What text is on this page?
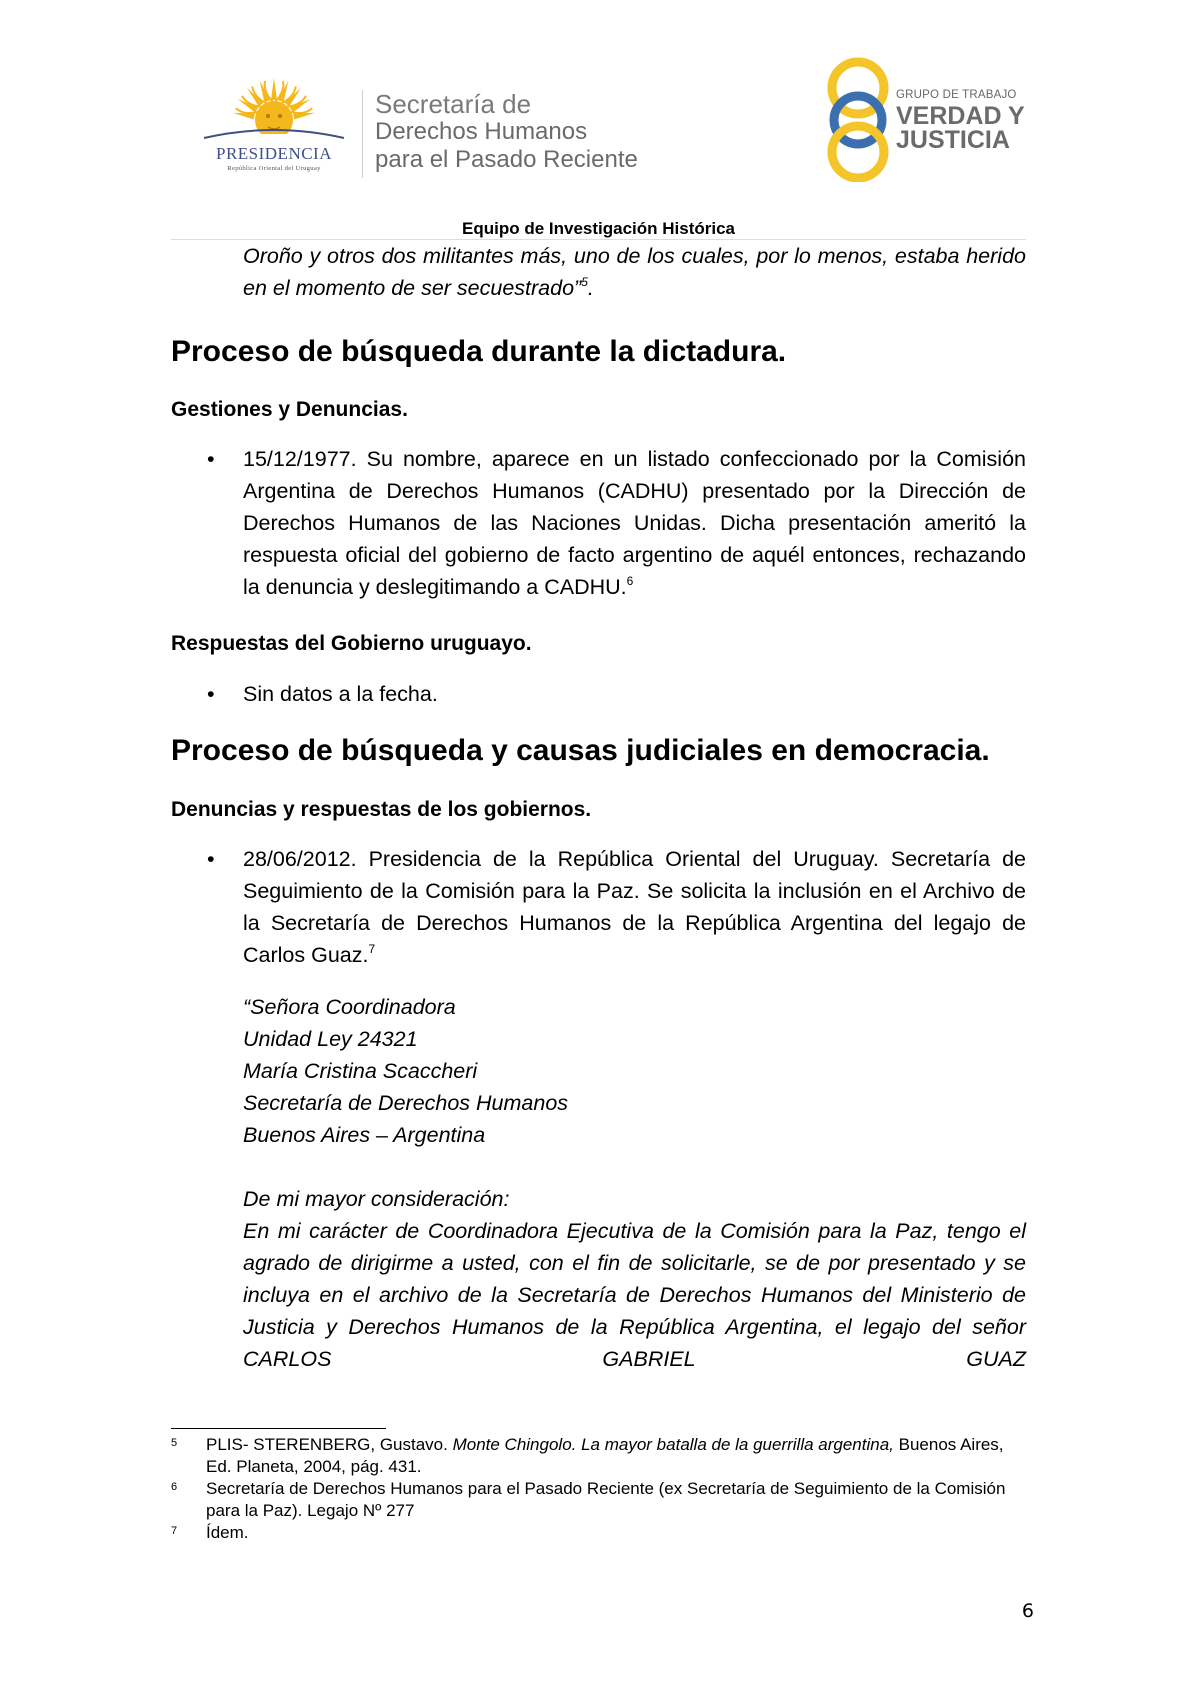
PRESIDENCIA
República Oriental del Uruguay
Secretaría de
Derechos Humanos
para el Pasado Reciente
GRUPO DE TRABAJO
VERDAD Y
JUSTICIA
Equipo de Investigación Histórica

Oroño y otros dos militantes más, uno de los cuales, por lo menos, estaba herido en el momento de ser secuestrado”$^5$.

Proceso de búsqueda durante la dictadura.
Gestiones y Denuncias.
• 15/12/1977. Su nombre, aparece en un listado confeccionado por la Comisión Argentina de Derechos Humanos (CADHU) presentado por la Dirección de Derechos Humanos de las Naciones Unidas. Dicha presentación ameritó la respuesta oficial del gobierno de facto argentino de aquél entonces, rechazando la denuncia y deslegitimando a CADHU.$^6$
Respuestas del Gobierno uruguayo.
• Sin datos a la fecha.
Proceso de búsqueda y causas judiciales en democracia.
Denuncias y respuestas de los gobiernos.
• 28/06/2012. Presidencia de la República Oriental del Uruguay. Secretaría de Seguimiento de la Comisión para la Paz. Se solicita la inclusión en el Archivo de la Secretaría de Derechos Humanos de la República Argentina del legajo de Carlos Guaz.$^7$
“Señora Coordinadora
Unidad Ley 24321
María Cristina Scaccheri
Secretaría de Derechos Humanos
Buenos Aires – Argentina
De mi mayor consideración:
En mi carácter de Coordinadora Ejecutiva de la Comisión para la Paz, tengo el agrado de dirigirme a usted, con el fin de solicitarle, se de por presentado y se incluya en el archivo de la Secretaría de Derechos Humanos del Ministerio de Justicia y Derechos Humanos de la República Argentina, el legajo del señor CARLOS GABRIEL GUAZ
5 PLIS- STERENBERG, Gustavo. Monte Chingolo. La mayor batalla de la guerrilla argentina, Buenos Aires, Ed. Planeta, 2004, pág. 431.
6 Secretaría de Derechos Humanos para el Pasado Reciente (ex Secretaría de Seguimiento de la Comisión para la Paz). Legajo Nº 277
7 Ídem.
6
